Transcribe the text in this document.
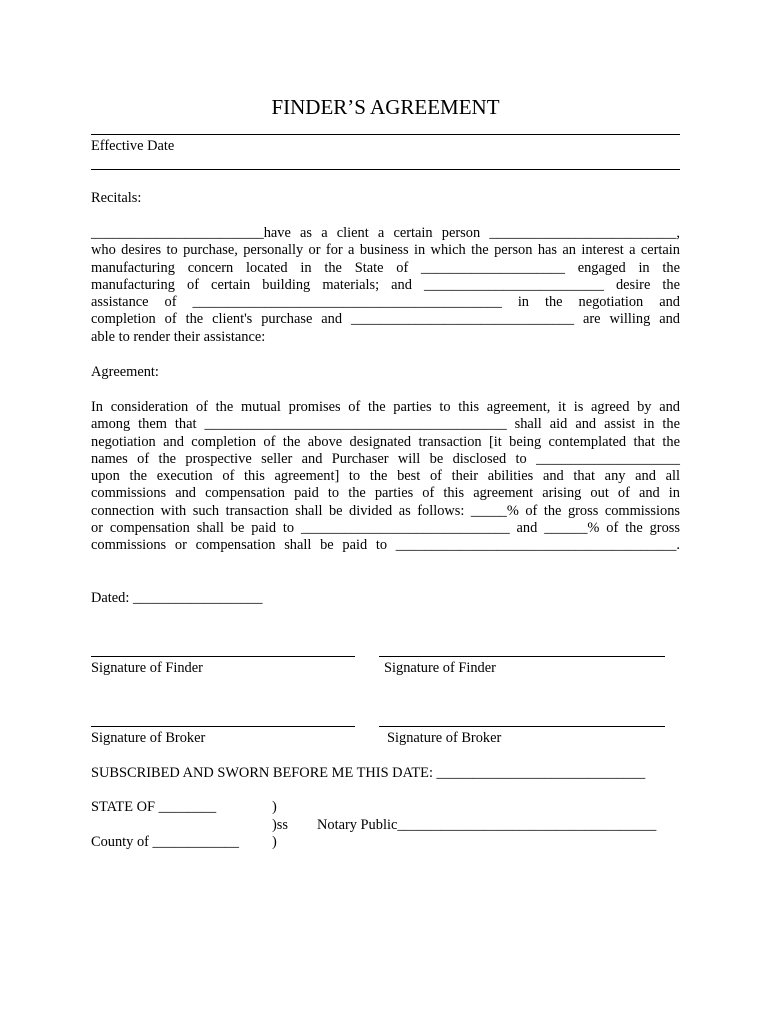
FINDER’S AGREEMENT
Effective Date
Recitals:
________________________have as a client a certain person __________________________,
who desires to purchase, personally or for a business in which the person has an interest a certain
manufacturing concern located in the State of ____________________ engaged in the
manufacturing of certain building materials; and _________________________ desire the
assistance of ___________________________________________ in the negotiation and
completion of the client's purchase and _______________________________ are willing and
able to render their assistance:
Agreement:
In consideration of the mutual promises of the parties to this agreement, it is agreed by and
among them that __________________________________________ shall aid and assist in the
negotiation and completion of the above designated transaction [it being contemplated that the
names of the prospective seller and Purchaser will be disclosed to ____________________
upon the execution of this agreement] to the best of their abilities and that any and all
commissions and compensation paid to the parties of this agreement arising out of and in
connection with such transaction shall be divided as follows: _____% of the gross commissions
or compensation shall be paid to _____________________________ and ______% of the gross
commissions or compensation shall be paid to _______________________________________.
Dated: __________________
Signature of Finder	Signature of Finder
Signature of Broker	Signature of Broker
SUBSCRIBED AND SWORN BEFORE ME THIS DATE: _____________________________
STATE OF ________	)
)ss Notary Public____________________________________
County of ____________ )
